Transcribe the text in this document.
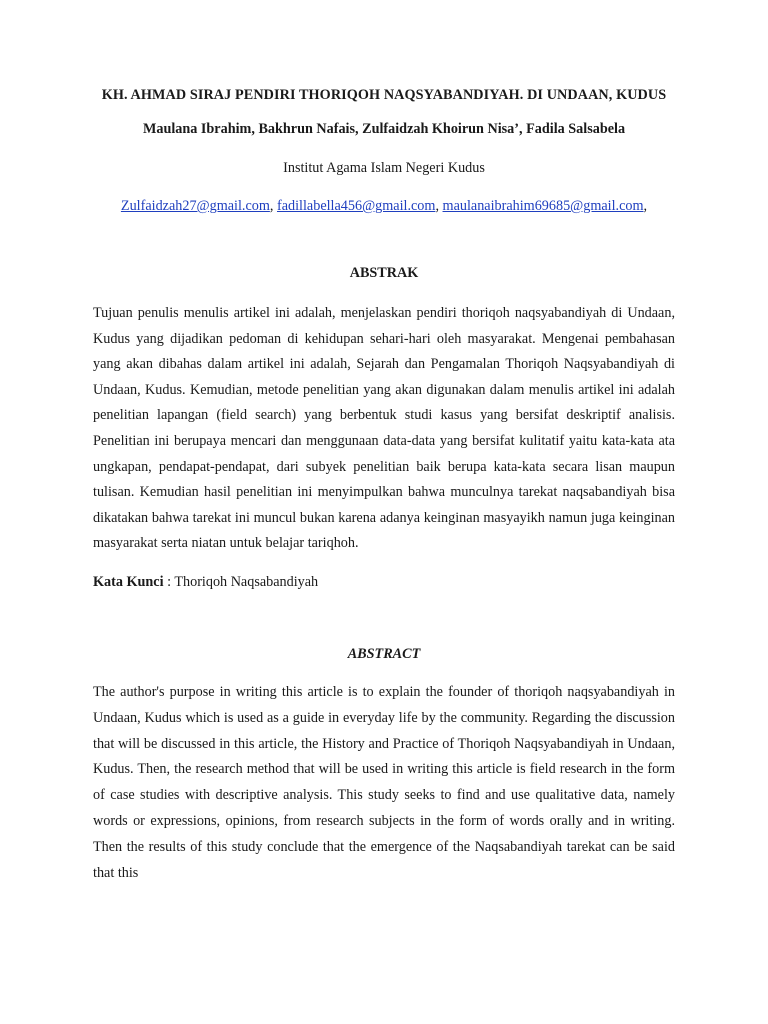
KH. AHMAD SIRAJ PENDIRI THORIQOH NAQSYABANDIYAH. DI UNDAAN, KUDUS

Maulana Ibrahim, Bakhrun Nafais, Zulfaidzah Khoirun Nisa’, Fadila Salsabela

Institut Agama Islam Negeri Kudus

Zulfaidzah27@gmail.com, fadillabella456@gmail.com, maulanaibrahim69685@gmail.com,

ABSTRAK

Tujuan penulis menulis artikel ini adalah, menjelaskan pendiri thoriqoh naqsyabandiyah di Undaan, Kudus yang dijadikan pedoman di kehidupan sehari-hari oleh masyarakat. Mengenai pembahasan yang akan dibahas dalam artikel ini adalah, Sejarah dan Pengamalan Thoriqoh Naqsyabandiyah di Undaan, Kudus. Kemudian, metode penelitian yang akan digunakan dalam menulis artikel ini adalah penelitian lapangan (field search) yang berbentuk studi kasus yang bersifat deskriptif analisis. Penelitian ini berupaya mencari dan menggunaan data-data yang bersifat kulitatif yaitu kata-kata ata ungkapan, pendapat-pendapat, dari subyek penelitian baik berupa kata-kata secara lisan maupun tulisan. Kemudian hasil penelitian ini menyimpulkan bahwa munculnya tarekat naqsabandiyah bisa dikatakan bahwa tarekat ini muncul bukan karena adanya keinginan masyayikh namun juga keinginan masyarakat serta niatan untuk belajar tariqhoh.

Kata Kunci : Thoriqoh Naqsabandiyah

ABSTRACT

The author's purpose in writing this article is to explain the founder of thoriqoh naqsyabandiyah in Undaan, Kudus which is used as a guide in everyday life by the community. Regarding the discussion that will be discussed in this article, the History and Practice of Thoriqoh Naqsyabandiyah in Undaan, Kudus. Then, the research method that will be used in writing this article is field research in the form of case studies with descriptive analysis. This study seeks to find and use qualitative data, namely words or expressions, opinions, from research subjects in the form of words orally and in writing. Then the results of this study conclude that the emergence of the Naqsabandiyah tarekat can be said that this
